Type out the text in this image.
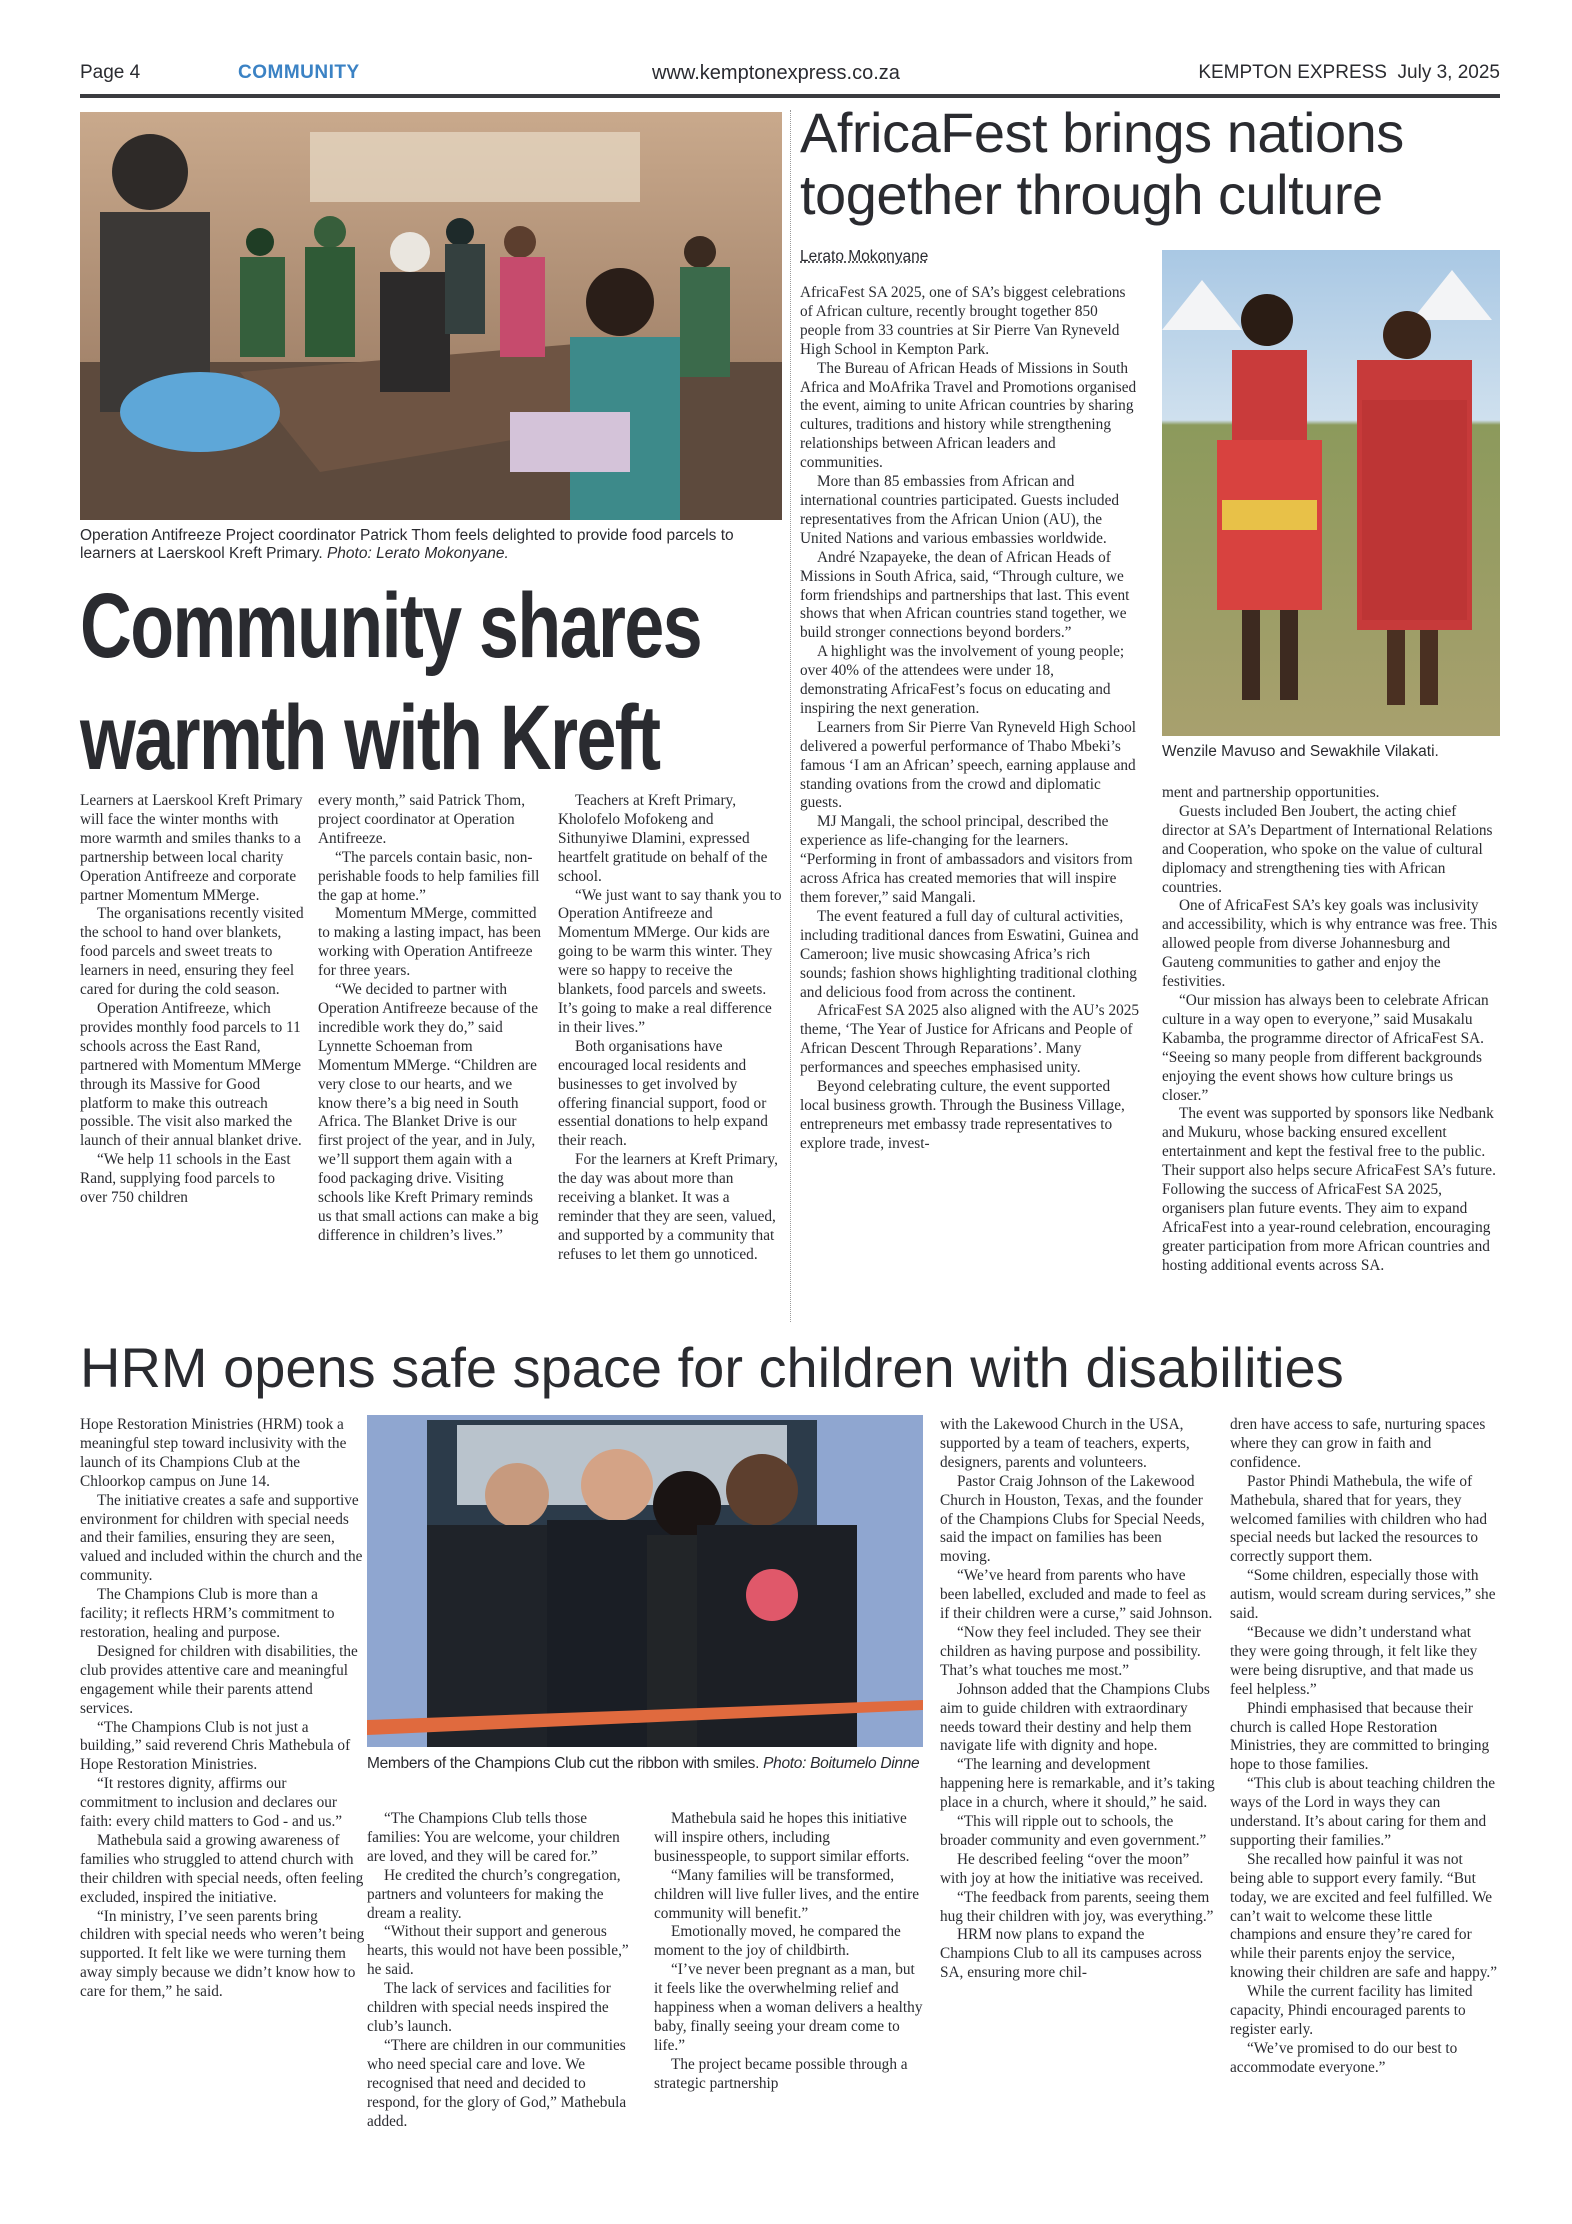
Page 4	COMMUNITY	www.kemptonexpress.co.za	KEMPTON EXPRESS  July 3, 2025
Operation Antifreeze Project coordinator Patrick Thom feels delighted to provide food parcels to learners at Laerskool Kreft Primary. Photo: Lerato Mokonyane.
Community shares
warmth with Kreft

Learners at Laerskool Kreft Primary will face the winter months with more warmth and smiles thanks to a partnership between local charity Operation Antifreeze and corporate partner Momentum MMerge.

The organisations recently visited the school to hand over blankets, food parcels and sweet treats to learners in need, ensuring they feel cared for during the cold season.

Operation Antifreeze, which provides monthly food parcels to 11 schools across the East Rand, partnered with Momentum MMerge through its Massive for Good platform to make this outreach possible. The visit also marked the launch of their annual blanket drive.

“We help 11 schools in the East Rand, supplying food parcels to over 750 children

every month,” said Patrick Thom, project coordinator at Operation Antifreeze.

“The parcels contain basic, non-perishable foods to help families fill the gap at home.”

Momentum MMerge, committed to making a lasting impact, has been working with Operation Antifreeze for three years.

“We decided to partner with Operation Antifreeze because of the incredible work they do,” said Lynnette Schoeman from Momentum MMerge. “Children are very close to our hearts, and we know there’s a big need in South Africa. The Blanket Drive is our first project of the year, and in July, we’ll support them again with a food packaging drive. Visiting schools like Kreft Primary reminds us that small actions can make a big difference in children’s lives.”

Teachers at Kreft Primary, Kholofelo Mofokeng and Sithunyiwe Dlamini, expressed heartfelt gratitude on behalf of the school.

“We just want to say thank you to Operation Antifreeze and Momentum MMerge. Our kids are going to be warm this winter. They were so happy to receive the blankets, food parcels and sweets. It’s going to make a real difference in their lives.”

Both organisations have encouraged local residents and businesses to get involved by offering financial support, food or essential donations to help expand their reach.

For the learners at Kreft Primary, the day was about more than receiving a blanket. It was a reminder that they are seen, valued, and supported by a community that refuses to let them go unnoticed.

AfricaFest brings nations
together through culture
Lerato Mokonyane

AfricaFest SA 2025, one of SA’s biggest celebrations of African culture, recently brought together 850 people from 33 countries at Sir Pierre Van Ryneveld High School in Kempton Park.

The Bureau of African Heads of Missions in South Africa and MoAfrika Travel and Promotions organised the event, aiming to unite African countries by sharing cultures, traditions and history while strengthening relationships between African leaders and communities.

More than 85 embassies from African and international countries participated. Guests included representatives from the African Union (AU), the United Nations and various embassies worldwide.

André Nzapayeke, the dean of African Heads of Missions in South Africa, said, “Through culture, we form friendships and partnerships that last. This event shows that when African countries stand together, we build stronger connections beyond borders.”

A highlight was the involvement of young people; over 40% of the attendees were under 18, demonstrating AfricaFest’s focus on educating and inspiring the next generation.

Learners from Sir Pierre Van Ryneveld High School delivered a powerful performance of Thabo Mbeki’s famous ‘I am an African’ speech, earning applause and standing ovations from the crowd and diplomatic guests.

MJ Mangali, the school principal, described the experience as life-changing for the learners. “Performing in front of ambassadors and visitors from across Africa has created memories that will inspire them forever,” said Mangali.

The event featured a full day of cultural activities, including traditional dances from Eswatini, Guinea and Cameroon; live music showcasing Africa’s rich sounds; fashion shows highlighting traditional clothing and delicious food from across the continent.

AfricaFest SA 2025 also aligned with the AU’s 2025 theme, ‘The Year of Justice for Africans and People of African Descent Through Reparations’. Many performances and speeches emphasised unity.

Beyond celebrating culture, the event supported local business growth. Through the Business Village, entrepreneurs met embassy trade representatives to explore trade, invest-

Wenzile Mavuso and Sewakhile Vilakati.

ment and partnership opportunities.

Guests included Ben Joubert, the acting chief director at SA’s Department of International Relations and Cooperation, who spoke on the value of cultural diplomacy and strengthening ties with African countries.

One of AfricaFest SA’s key goals was inclusivity and accessibility, which is why entrance was free. This allowed people from diverse Johannesburg and Gauteng communities to gather and enjoy the festivities.

“Our mission has always been to celebrate African culture in a way open to everyone,” said Musakalu Kabamba, the programme director of AfricaFest SA. “Seeing so many people from different backgrounds enjoying the event shows how culture brings us closer.”

The event was supported by sponsors like Nedbank and Mukuru, whose backing ensured excellent entertainment and kept the festival free to the public. Their support also helps secure AfricaFest SA’s future. Following the success of AfricaFest SA 2025, organisers plan future events. They aim to expand AfricaFest into a year-round celebration, encouraging greater participation from more African countries and hosting additional events across SA.

HRM opens safe space for children with disabilities

Hope Restoration Ministries (HRM) took a meaningful step toward inclusivity with the launch of its Champions Club at the Chloorkop campus on June 14.

The initiative creates a safe and supportive environment for children with special needs and their families, ensuring they are seen, valued and included within the church and the community.

The Champions Club is more than a facility; it reflects HRM’s commitment to restoration, healing and purpose.

Designed for children with disabilities, the club provides attentive care and meaningful engagement while their parents attend services.

“The Champions Club is not just a building,” said reverend Chris Mathebula of Hope Restoration Ministries.

“It restores dignity, affirms our commitment to inclusion and declares our faith: every child matters to God - and us.”

Mathebula said a growing awareness of families who struggled to attend church with their children with special needs, often feeling excluded, inspired the initiative.

“In ministry, I’ve seen parents bring children with special needs who weren’t being supported. It felt like we were turning them away simply because we didn’t know how to care for them,” he said.

Members of the Champions Club cut the ribbon with smiles. Photo: Boitumelo Dinne

“The Champions Club tells those families: You are welcome, your children are loved, and they will be cared for.”

He credited the church’s congregation, partners and volunteers for making the dream a reality.

“Without their support and generous hearts, this would not have been possible,” he said.

The lack of services and facilities for children with special needs inspired the club’s launch.

“There are children in our communities who need special care and love. We recognised that need and decided to respond, for the glory of God,” Mathebula added.

Mathebula said he hopes this initiative will inspire others, including businesspeople, to support similar efforts.

“Many families will be transformed, children will live fuller lives, and the entire community will benefit.”

Emotionally moved, he compared the moment to the joy of childbirth.

“I’ve never been pregnant as a man, but it feels like the overwhelming relief and happiness when a woman delivers a healthy baby, finally seeing your dream come to life.”

The project became possible through a strategic partnership

with the Lakewood Church in the USA, supported by a team of teachers, experts, designers, parents and volunteers.

Pastor Craig Johnson of the Lakewood Church in Houston, Texas, and the founder of the Champions Clubs for Special Needs, said the impact on families has been moving.

“We’ve heard from parents who have been labelled, excluded and made to feel as if their children were a curse,” said Johnson.

“Now they feel included. They see their children as having purpose and possibility. That’s what touches me most.”

Johnson added that the Champions Clubs aim to guide children with extraordinary needs toward their destiny and help them navigate life with dignity and hope.

“The learning and development happening here is remarkable, and it’s taking place in a church, where it should,” he said.

“This will ripple out to schools, the broader community and even government.”

He described feeling “over the moon” with joy at how the initiative was received.

“The feedback from parents, seeing them hug their children with joy, was everything.”

HRM now plans to expand the Champions Club to all its campuses across SA, ensuring more chil-

dren have access to safe, nurturing spaces where they can grow in faith and confidence.

Pastor Phindi Mathebula, the wife of Mathebula, shared that for years, they welcomed families with children who had special needs but lacked the resources to correctly support them.

“Some children, especially those with autism, would scream during services,” she said.

“Because we didn’t understand what they were going through, it felt like they were being disruptive, and that made us feel helpless.”

Phindi emphasised that because their church is called Hope Restoration Ministries, they are committed to bringing hope to those families.

“This club is about teaching children the ways of the Lord in ways they can understand. It’s about caring for them and supporting their families.”

She recalled how painful it was not being able to support every family. “But today, we are excited and feel fulfilled. We can’t wait to welcome these little champions and ensure they’re cared for while their parents enjoy the service, knowing their children are safe and happy.”

While the current facility has limited capacity, Phindi encouraged parents to register early.

“We’ve promised to do our best to accommodate everyone.”
